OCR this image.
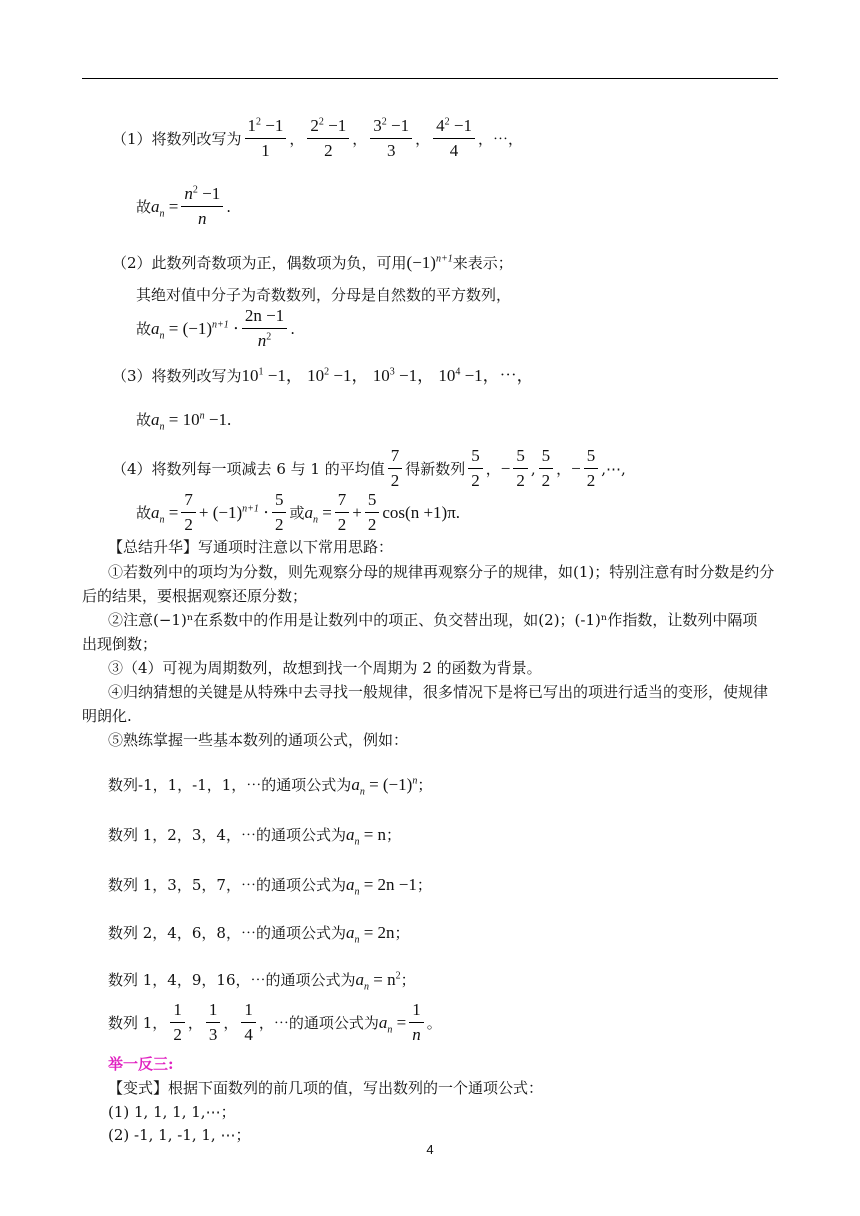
（1）将数列改写为 $\frac{1^2 -1}{1}$ ， $\frac{2^2 -1}{2}$ ， $\frac{3^2 -1}{3}$ ， $\frac{4^2 -1}{4}$ ，⋯，
故 $a_n = \frac{n^2 -1}{n}$ .
（2）此数列奇数项为正，偶数项为负，可用 $(-1)^{n+1}$ 来表示；
其绝对值中分子为奇数数列，分母是自然数的平方数列，
故 $a_n = (-1)^{n+1} \cdot \frac{2n -1}{n^2}$ .
（3）将数列改写为 $10^1 -1$， $10^2 -1$， $10^3 -1$， $10^4 -1$，⋯，
故 $a_n = 10^n -1$.
（4）将数列每一项减去 6 与 1 的平均值 $\frac{7}{2}$ 得新数列 $\frac{5}{2}$ ， − $\frac{5}{2}$ , $\frac{5}{2}$ ， − $\frac{5}{2}$ ,⋯,
故 $a_n = \frac{7}{2} + (-1)^{n+1} \cdot \frac{5}{2}$ 或 $a_n = \frac{7}{2} + \frac{5}{2} \cos(n +1)\pi$.
【总结升华】写通项时注意以下常用思路：
①若数列中的项均为分数，则先观察分母的规律再观察分子的规律，如(1)；特别注意有时分数是约分
后的结果，要根据观察还原分数；
②注意(−1)ⁿ在系数中的作用是让数列中的项正、负交替出现，如(2)；(-1)ⁿ作指数，让数列中隔项
出现倒数；
③（4）可视为周期数列，故想到找一个周期为 2 的函数为背景。
④归纳猜想的关键是从特殊中去寻找一般规律，很多情况下是将已写出的项进行适当的变形，使规律
明朗化.
⑤熟练掌握一些基本数列的通项公式，例如：
数列-1，1，-1，1，⋯的通项公式为 $a_n = (-1)^n$ ；
数列 1，2，3，4，⋯的通项公式为 $a_n = n$ ；
数列 1，3，5，7，⋯的通项公式为 $a_n = 2n -1$ ；
数列 2，4，6，8，⋯的通项公式为 $a_n = 2n$ ；
数列 1，4，9，16，⋯的通项公式为 $a_n = n^2$ ；
数列 1， $\frac{1}{2}$ ， $\frac{1}{3}$ ， $\frac{1}{4}$ ，⋯的通项公式为 $a_n = \frac{1}{n}$ 。
举一反三:
【变式】根据下面数列的前几项的值，写出数列的一个通项公式：
(1) 1, 1, 1, 1,⋯；
(2) -1, 1, -1, 1, ⋯；
4
